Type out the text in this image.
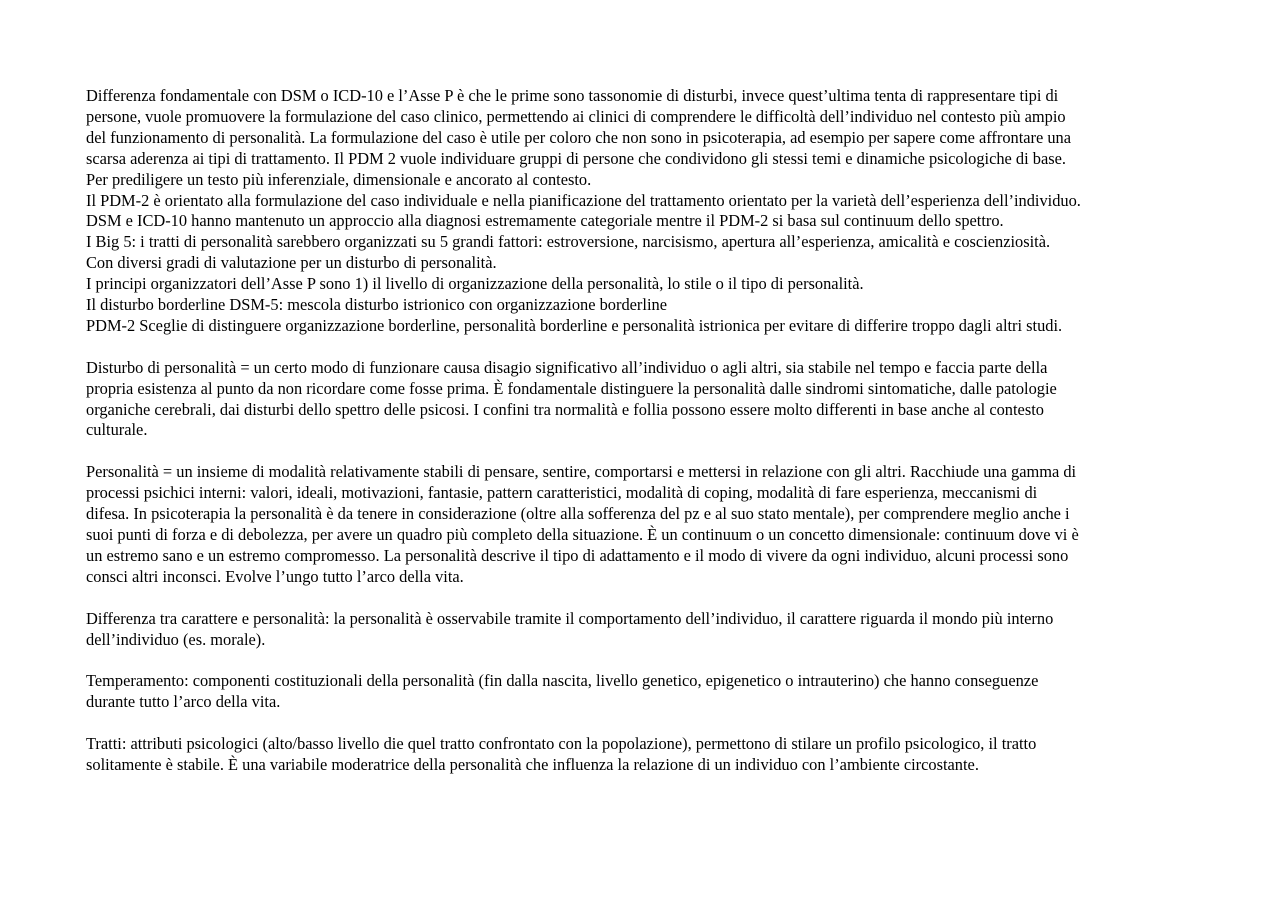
Differenza fondamentale con DSM o ICD-10 e l’Asse P è che le prime sono tassonomie di disturbi, invece quest’ultima tenta di rappresentare tipi di
persone, vuole promuovere la formulazione del caso clinico, permettendo ai clinici di comprendere le difficoltà dell’individuo nel contesto più ampio
del funzionamento di personalità. La formulazione del caso è utile per coloro che non sono in psicoterapia, ad esempio per sapere come affrontare una
scarsa aderenza ai tipi di trattamento. Il PDM 2 vuole individuare gruppi di persone che condividono gli stessi temi e dinamiche psicologiche di base.
Per prediligere un testo più inferenziale, dimensionale e ancorato al contesto.
Il PDM-2 è orientato alla formulazione del caso individuale e nella pianificazione del trattamento orientato per la varietà dell’esperienza dell’individuo.
DSM e ICD-10 hanno mantenuto un approccio alla diagnosi estremamente categoriale mentre il PDM-2 si basa sul continuum dello spettro.
I Big 5: i tratti di personalità sarebbero organizzati su 5 grandi fattori: estroversione, narcisismo, apertura all’esperienza, amicalità e coscienziosità.
Con diversi gradi di valutazione per un disturbo di personalità.
I principi organizzatori dell’Asse P sono 1) il livello di organizzazione della personalità, lo stile o il tipo di personalità.
Il disturbo borderline DSM-5: mescola disturbo istrionico con organizzazione borderline
PDM-2 Sceglie di distinguere organizzazione borderline, personalità borderline e personalità istrionica per evitare di differire troppo dagli altri studi.
Disturbo di personalità = un certo modo di funzionare causa disagio significativo all’individuo o agli altri, sia stabile nel tempo e faccia parte della
propria esistenza al punto da non ricordare come fosse prima. È fondamentale distinguere la personalità dalle sindromi sintomatiche, dalle patologie
organiche cerebrali, dai disturbi dello spettro delle psicosi. I confini tra normalità e follia possono essere molto differenti in base anche al contesto
culturale.
Personalità = un insieme di modalità relativamente stabili di pensare, sentire, comportarsi e mettersi in relazione con gli altri. Racchiude una gamma di
processi psichici interni: valori, ideali, motivazioni, fantasie, pattern caratteristici, modalità di coping, modalità di fare esperienza, meccanismi di
difesa. In psicoterapia la personalità è da tenere in considerazione (oltre alla sofferenza del pz e al suo stato mentale), per comprendere meglio anche i
suoi punti di forza e di debolezza, per avere un quadro più completo della situazione. È un continuum o un concetto dimensionale: continuum dove vi è
un estremo sano e un estremo compromesso. La personalità descrive il tipo di adattamento e il modo di vivere da ogni individuo, alcuni processi sono
consci altri inconsci. Evolve l’ungo tutto l’arco della vita.
Differenza tra carattere e personalità: la personalità è osservabile tramite il comportamento dell’individuo, il carattere riguarda il mondo più interno
dell’individuo (es. morale).
Temperamento: componenti costituzionali della personalità (fin dalla nascita, livello genetico, epigenetico o intrauterino) che hanno conseguenze
durante tutto l’arco della vita.
Tratti: attributi psicologici (alto/basso livello die quel tratto confrontato con la popolazione), permettono di stilare un profilo psicologico, il tratto
solitamente è stabile. È una variabile moderatrice della personalità che influenza la relazione di un individuo con l’ambiente circostante.
